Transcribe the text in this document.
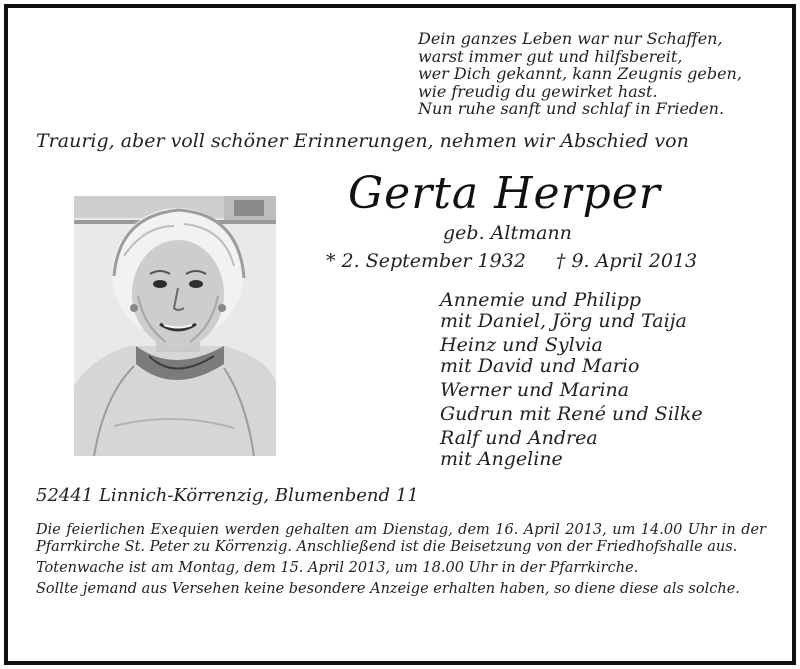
Dein ganzes Leben war nur Schaffen,
warst immer gut und hilfsbereit,
wer Dich gekannt, kann Zeugnis geben,
wie freudig du gewirket hast.
Nun ruhe sanft und schlaf in Frieden.
Traurig, aber voll schöner Erinnerungen, nehmen wir Abschied von
Gerta Herper
geb. Altmann
* 2. September 1932 † 9. April 2013
Annemie und Philipp
mit Daniel, Jörg und Taija
Heinz und Sylvia
mit David und Mario
Werner und Marina
Gudrun mit René und Silke
Ralf und Andrea
mit Angeline
52441 Linnich-Körrenzig, Blumenbend 11

Die feierlichen Exequien werden gehalten am Dienstag, dem 16. April 2013, um 14.00 Uhr in der Pfarrkirche St. Peter zu Körrenzig. Anschließend ist die Beisetzung von der Friedhofshalle aus.

Totenwache ist am Montag, dem 15. April 2013, um 18.00 Uhr in der Pfarrkirche.

Sollte jemand aus Versehen keine besondere Anzeige erhalten haben, so diene diese als solche.
